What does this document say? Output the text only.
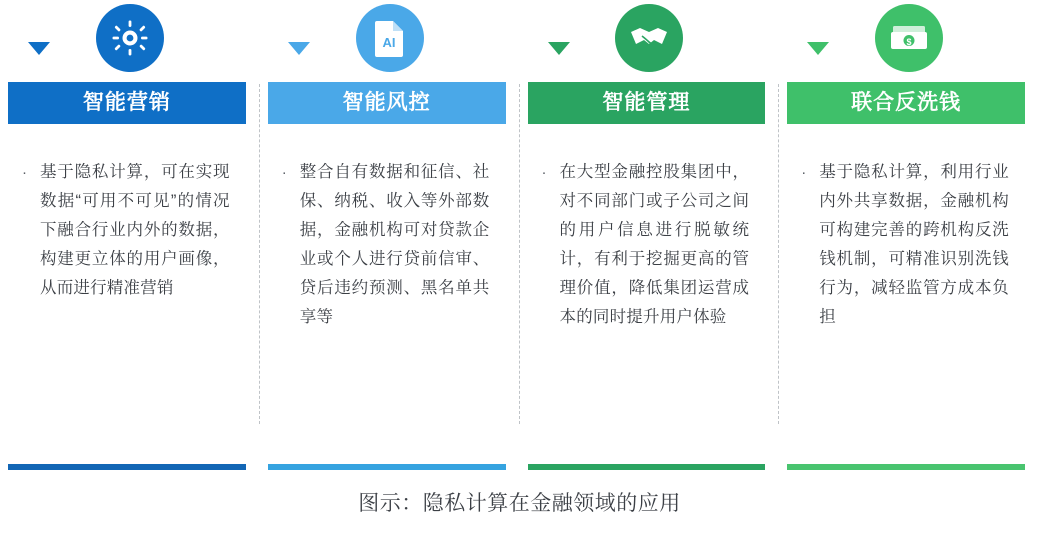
智能营销
· 基于隐私计算，可在实现数据“可用不可见”的情况下融合行业内外的数据，构建更立体的用户画像，从而进行精准营销
AI
智能风控
· 整合自有数据和征信、社保、纳税、收入等外部数据，金融机构可对贷款企业或个人进行贷前信审、贷后违约预测、黑名单共享等
智能管理
· 在大型金融控股集团中，对不同部门或子公司之间的用户信息进行脱敏统计，有利于挖掘更高的管理价值，降低集团运营成本的同时提升用户体验
$
联合反洗钱
· 基于隐私计算，利用行业内外共享数据，金融机构可构建完善的跨机构反洗钱机制，可精准识别洗钱行为，减轻监管方成本负担
图示：隐私计算在金融领域的应用
